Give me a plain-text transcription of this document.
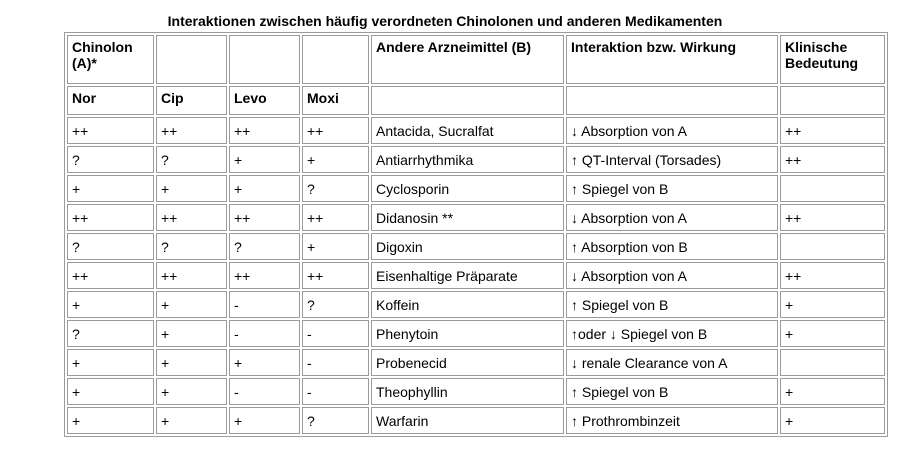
Interaktionen zwischen häufig verordneten Chinolonen und anderen Medikamenten
Chinolon (A)*				Andere Arzneimittel (B)	Interaktion bzw. Wirkung	Klinische Bedeutung
Nor	Cip	Levo	Moxi			
++	++	++	++	Antacida, Sucralfat	↓ Absorption von A	++
?	?	+	+	Antiarrhythmika	↑ QT-Interval (Torsades)	++
+	+	+	?	Cyclosporin	↑ Spiegel von B	
++	++	++	++	Didanosin **	↓ Absorption von A	++
?	?	?	+	Digoxin	↑ Absorption von B	
++	++	++	++	Eisenhaltige Präparate	↓ Absorption von A	++
+	+	-	?	Koffein	↑ Spiegel von B	+
?	+	-	-	Phenytoin	↑oder ↓ Spiegel von B	+
+	+	+	-	Probenecid	↓ renale Clearance von A	
+	+	-	-	Theophyllin	↑ Spiegel von B	+
+	+	+	?	Warfarin	↑ Prothrombinzeit	+
